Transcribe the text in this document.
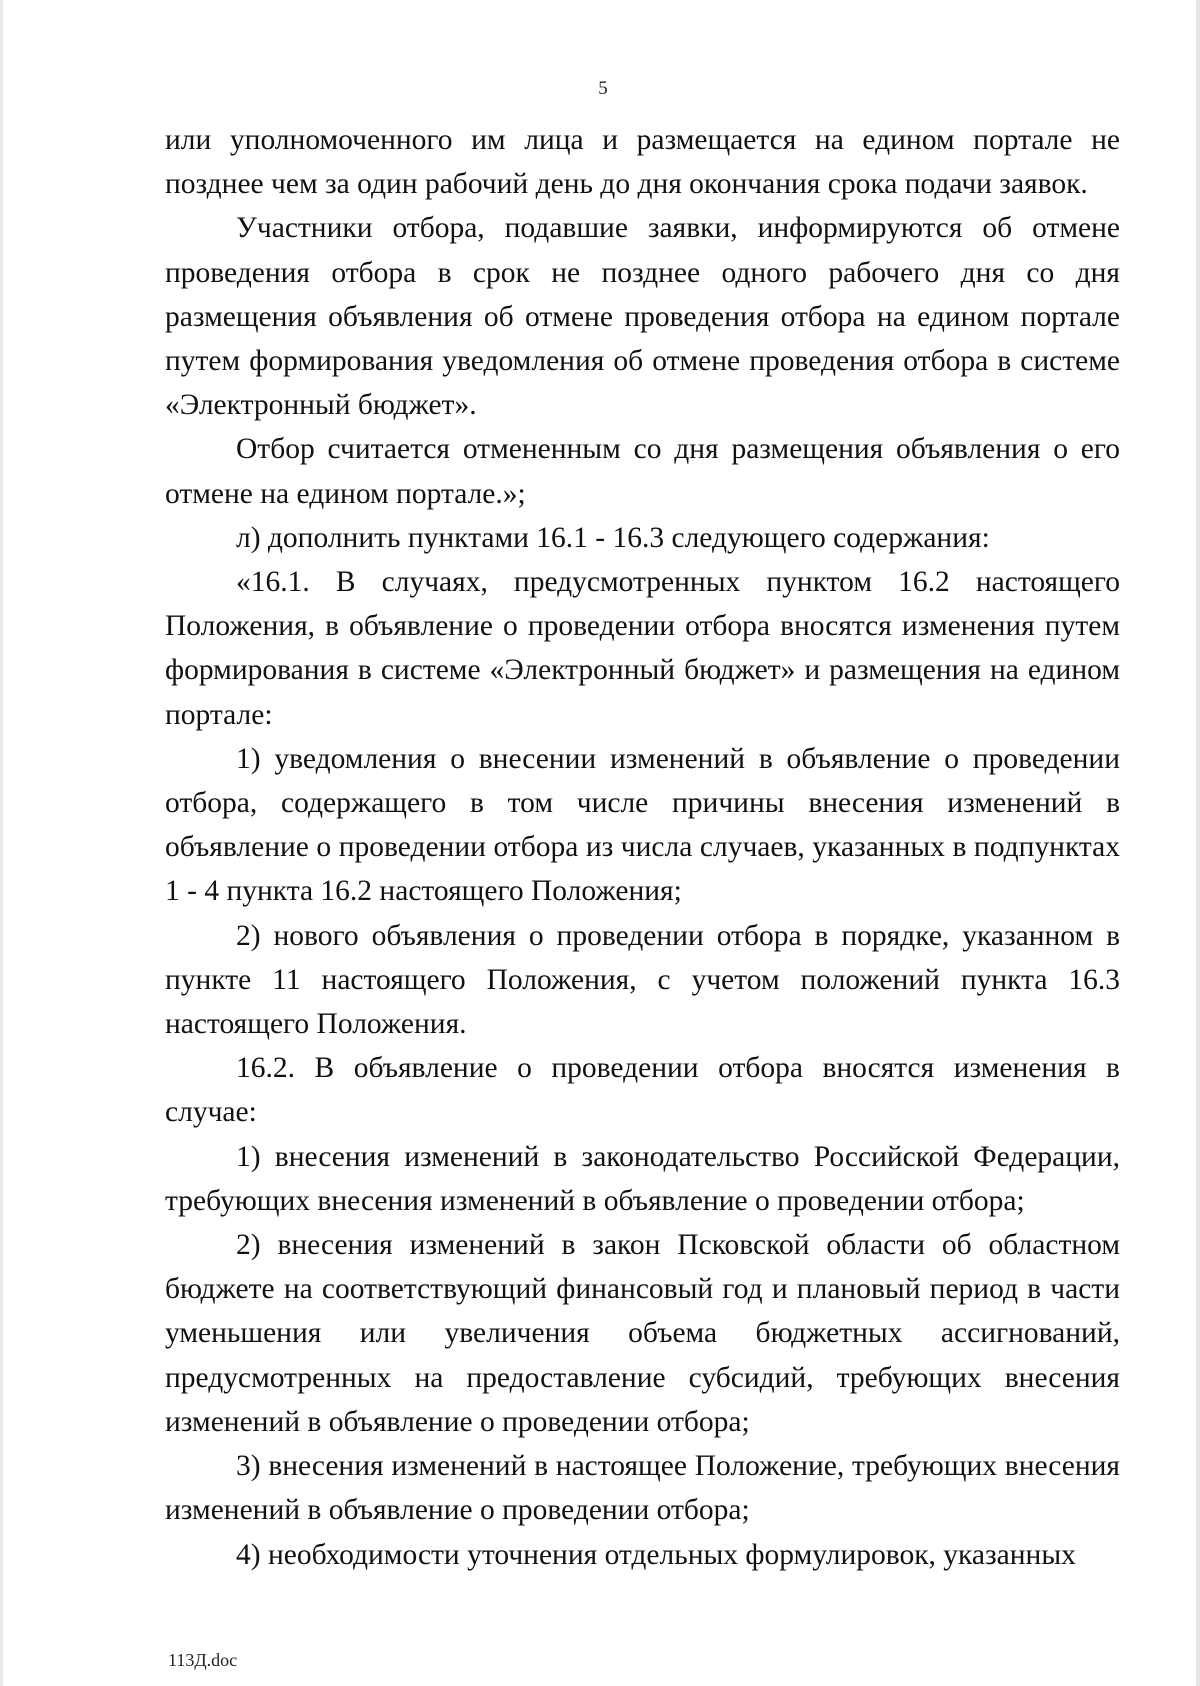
5

или уполномоченного им лица и размещается на едином портале не позднее чем за один рабочий день до дня окончания срока подачи заявок.

Участники отбора, подавшие заявки, информируются об отмене проведения отбора в срок не позднее одного рабочего дня со дня размещения объявления об отмене проведения отбора на едином портале путем формирования уведомления об отмене проведения отбора в системе «Электронный бюджет».

Отбор считается отмененным со дня размещения объявления о его отмене на едином портале.»;

л) дополнить пунктами 16.1 - 16.3 следующего содержания:

«16.1. В случаях, предусмотренных пунктом 16.2 настоящего Положения, в объявление о проведении отбора вносятся изменения путем формирования в системе «Электронный бюджет» и размещения на едином портале:

1) уведомления о внесении изменений в объявление о проведении отбора, содержащего в том числе причины внесения изменений в объявление о проведении отбора из числа случаев, указанных в подпунктах 1 - 4 пункта 16.2 настоящего Положения;

2) нового объявления о проведении отбора в порядке, указанном в пункте 11 настоящего Положения, с учетом положений пункта 16.3 настоящего Положения.

16.2. В объявление о проведении отбора вносятся изменения в случае:

1) внесения изменений в законодательство Российской Федерации, требующих внесения изменений в объявление о проведении отбора;

2) внесения изменений в закон Псковской области об областном бюджете на соответствующий финансовый год и плановый период в части уменьшения или увеличения объема бюджетных ассигнований, предусмотренных на предоставление субсидий, требующих внесения изменений в объявление о проведении отбора;

3) внесения изменений в настоящее Положение, требующих внесения изменений в объявление о проведении отбора;

4) необходимости уточнения отдельных формулировок, указанных

113Д.doc
